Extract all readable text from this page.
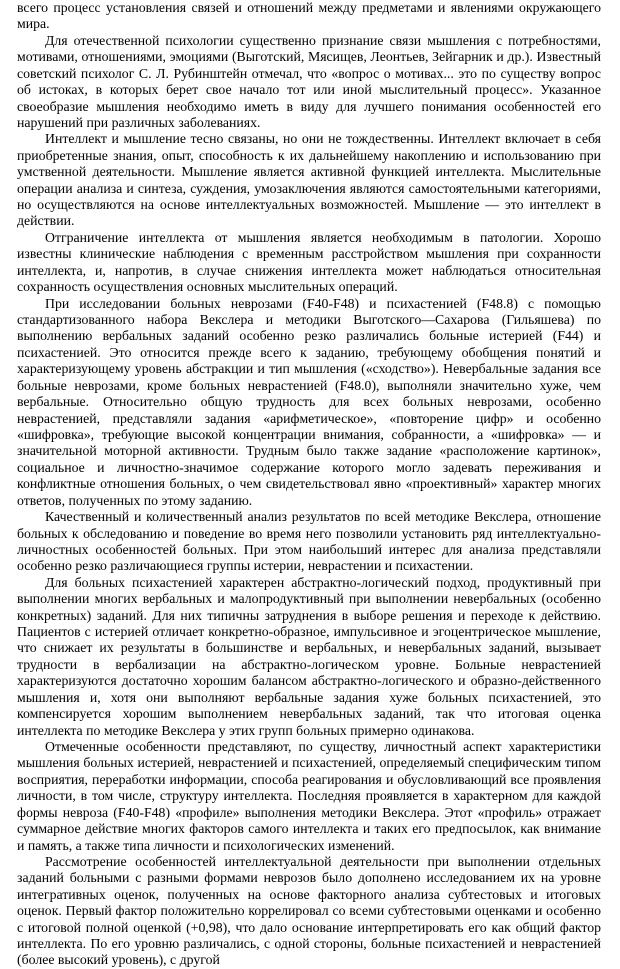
всего процесс установления связей и отношений между предметами и явлениями окружающего мира.

Для отечественной психологии существенно признание связи мышления с потребностями, мотивами, отношениями, эмоциями (Выготский, Мясищев, Леонтьев, Зейгарник и др.). Известный советский психолог С. Л. Рубинштейн отмечал, что «вопрос о мотивах... это по существу вопрос об истоках, в которых берет свое начало тот или иной мыслительный процесс». Указанное своеобразие мышления необходимо иметь в виду для лучшего понимания особенностей его нарушений при различных заболеваниях.

Интеллект и мышление тесно связаны, но они не тождественны. Интеллект включает в себя приобретенные знания, опыт, способность к их дальнейшему накоплению и использованию при умственной деятельности. Мышление является активной функцией интеллекта. Мыслительные операции анализа и синтеза, суждения, умозаключения являются самостоятельными категориями, но осуществляются на основе интеллектуальных возможностей. Мышление — это интеллект в действии.

Отграничение интеллекта от мышления является необходимым в патологии. Хорошо известны клинические наблюдения с временным расстройством мышления при сохранности интеллекта, и, напротив, в случае снижения интеллекта может наблюдаться относительная сохранность осуществления основных мыслительных операций.

При исследовании больных неврозами (F40-F48) и психастенией (F48.8) с помощью стандартизованного набора Векслера и методики Выготского—Сахарова (Гильяшева) по выполнению вербальных заданий особенно резко различались больные истерией (F44) и психастенией. Это относится прежде всего к заданию, требующему обобщения понятий и характеризующему уровень абстракции и тип мышления («сходство»). Невербальные задания все больные неврозами, кроме больных неврастенией (F48.0), выполняли значительно хуже, чем вербальные. Относительно общую трудность для всех больных неврозами, особенно неврастенией, представляли задания «арифметическое», «повторение цифр» и особенно «шифровка», требующие высокой концентрации внимания, собранности, а «шифровка» — и значительной моторной активности. Трудным было также задание «расположение картинок», социальное и личностно-значимое содержание которого могло задевать переживания и конфликтные отношения больных, о чем свидетельствовал явно «проективный» характер многих ответов, полученных по этому заданию.

Качественный и количественный анализ результатов по всей методике Векслера, отношение больных к обследованию и поведение во время него позволили установить ряд интеллектуально-личностных особенностей больных. При этом наибольший интерес для анализа представляли особенно резко различающиеся группы истерии, неврастении и психастении.

Для больных психастенией характерен абстрактно-логический подход, продуктивный при выполнении многих вербальных и малопродуктивный при выполнении невербальных (особенно конкретных) заданий. Для них типичны затруднения в выборе решения и переходе к действию. Пациентов с истерией отличает конкретно-образное, импульсивное и эгоцентрическое мышление, что снижает их результаты в большинстве и вербальных, и невербальных заданий, вызывает трудности в вербализации на абстрактно-логическом уровне. Больные неврастенией характеризуются достаточно хорошим балансом абстрактно-логического и образно-действенного мышления и, хотя они выполняют вербальные задания хуже больных психастенией, это компенсируется хорошим выполнением невербальных заданий, так что итоговая оценка интеллекта по методике Векслера у этих групп больных примерно одинакова.

Отмеченные особенности представляют, по существу, личностный аспект характеристики мышления больных истерией, неврастенией и психастенией, определяемый специфическим типом восприятия, переработки информации, способа реагирования и обусловливающий все проявления личности, в том числе, структуру интеллекта. Последняя проявляется в характерном для каждой формы невроза (F40-F48) «профиле» выполнения методики Векслера. Этот «профиль» отражает суммарное действие многих факторов самого интеллекта и таких его предпосылок, как внимание и память, а также типа личности и психологических изменений.

Рассмотрение особенностей интеллектуальной деятельности при выполнении отдельных заданий больными с разными формами неврозов было дополнено исследованием их на уровне интегративных оценок, полученных на основе факторного анализа субтестовых и итоговых оценок. Первый фактор положительно коррелировал со всеми субтестовыми оценками и особенно с итоговой полной оценкой (+0,98), что дало основание интерпретировать его как общий фактор интеллекта. По его уровню различались, с одной стороны, больные психастенией и неврастенией (более высокий уровень), с другой
